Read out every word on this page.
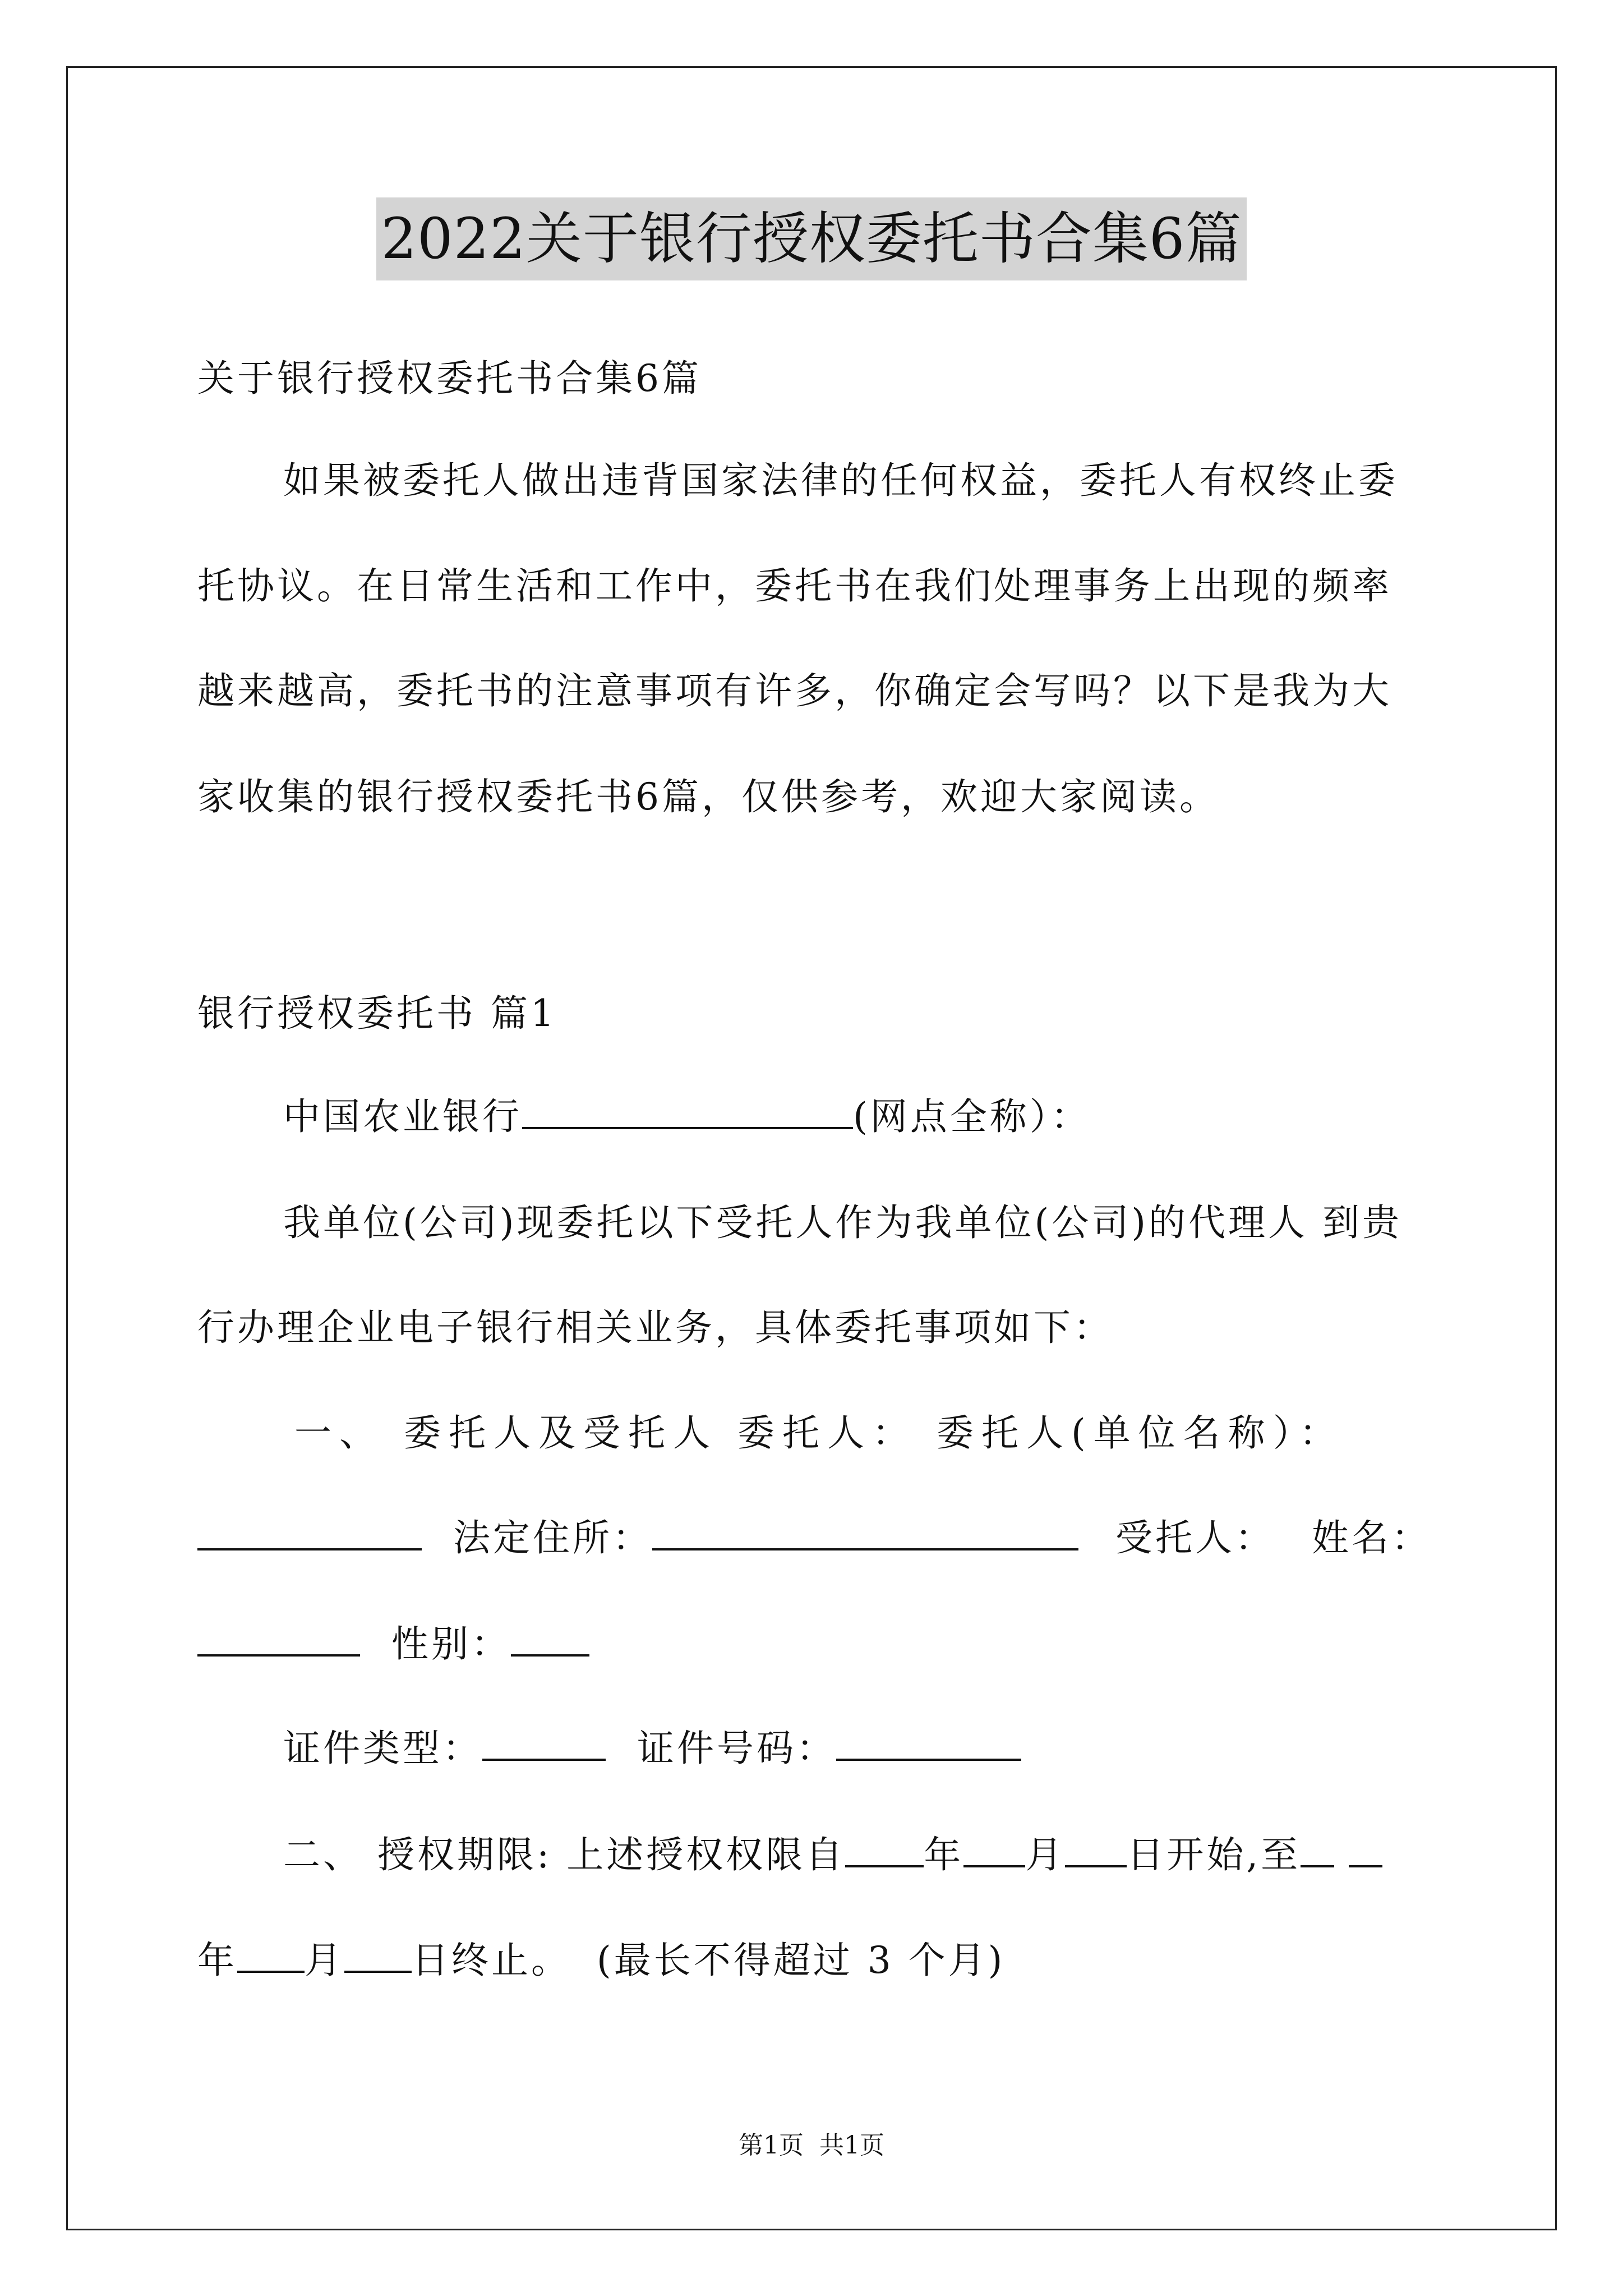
2022关于银行授权委托书合集6篇
关于银行授权委托书合集6篇
如果被委托人做出违背国家法律的任何权益，委托人有权终止委
托协议。在日常生活和工作中，委托书在我们处理事务上出现的频率
越来越高，委托书的注意事项有许多，你确定会写吗？以下是我为大
家收集的银行授权委托书6篇，仅供参考，欢迎大家阅读。
银行授权委托书 篇1
中国农业银行	(网点全称）：
我单位(公司)现委托以下受托人作为我单位(公司)的代理人 到贵
行办理企业电子银行相关业务，具体委托事项如下：
一、 委托人及受托人 委托人： 委托人(单位名称）：
法定住所：	受托人： 姓名：
性别：
证件类型：	证件号码：
二、 授权期限: 上述授权权限自 年 月 日开始,至
年 月 日终止。 (最长不得超过 3 个月)
第1页 共1页
